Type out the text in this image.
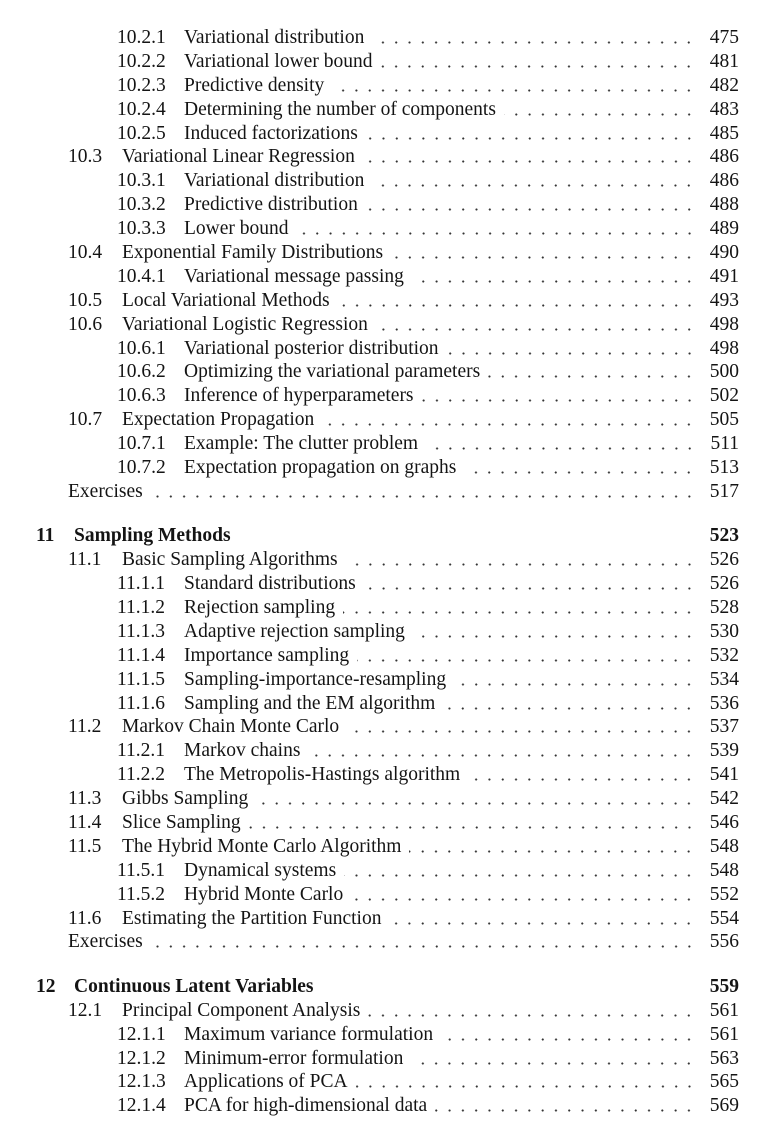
10.2.1 Variational distribution	475
10.2.2 Variational lower bound	481
10.2.3 Predictive density	482
10.2.4 Determining the number of components	483
10.2.5 Induced factorizations	485
10.3 Variational Linear Regression	486
10.3.1 Variational distribution	486
10.3.2 Predictive distribution	488
10.3.3 Lower bound	489
10.4 Exponential Family Distributions	490
10.4.1 Variational message passing	491
10.5 Local Variational Methods	493
10.6 Variational Logistic Regression	498
10.6.1 Variational posterior distribution	498
10.6.2 Optimizing the variational parameters	500
10.6.3 Inference of hyperparameters	502
10.7 Expectation Propagation	505
10.7.1 Example: The clutter problem	511
10.7.2 Expectation propagation on graphs	513
Exercises	517
11 Sampling Methods	523
11.1 Basic Sampling Algorithms	526
11.1.1 Standard distributions	526
11.1.2 Rejection sampling	528
11.1.3 Adaptive rejection sampling	530
11.1.4 Importance sampling	532
11.1.5 Sampling-importance-resampling	534
11.1.6 Sampling and the EM algorithm	536
11.2 Markov Chain Monte Carlo	537
11.2.1 Markov chains	539
11.2.2 The Metropolis-Hastings algorithm	541
11.3 Gibbs Sampling	542
11.4 Slice Sampling	546
11.5 The Hybrid Monte Carlo Algorithm	548
11.5.1 Dynamical systems	548
11.5.2 Hybrid Monte Carlo	552
11.6 Estimating the Partition Function	554
Exercises	556
12 Continuous Latent Variables	559
12.1 Principal Component Analysis	561
12.1.1 Maximum variance formulation	561
12.1.2 Minimum-error formulation	563
12.1.3 Applications of PCA	565
12.1.4 PCA for high-dimensional data	569
